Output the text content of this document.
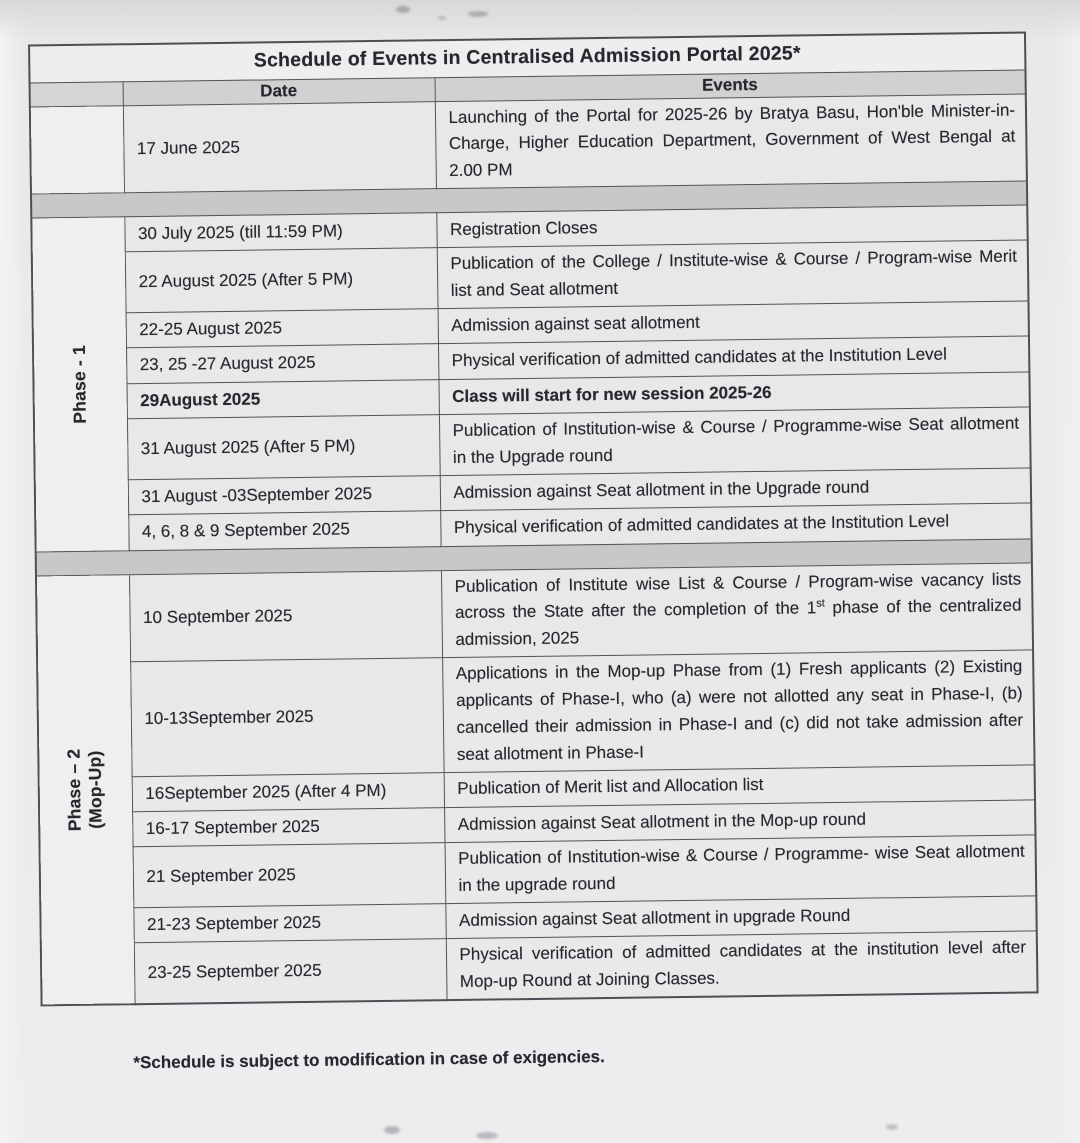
Schedule of Events in Centralised Admission Portal 2025*		
	Date	Events
	17 June 2025	Launching of the Portal for 2025-26 by Bratya Basu, Hon'ble Minister-in-Charge, Higher Education Department, Government of West Bengal at 2.00 PM

Phase - 1	30 July 2025 (till 11:59 PM)	Registration Closes
	22 August 2025 (After 5 PM)	Publication of the College / Institute-wise & Course / Program-wise Merit list and Seat allotment
	22-25 August 2025	Admission against seat allotment
	23, 25 -27 August 2025	Physical verification of admitted candidates at the Institution Level
	29August 2025	Class will start for new session 2025-26
	31 August 2025 (After 5 PM)	Publication of Institution-wise & Course / Programme-wise Seat allotment in the Upgrade round
	31 August -03September 2025	Admission against Seat allotment in the Upgrade round
	4, 6, 8 & 9 September 2025	Physical verification of admitted candidates at the Institution Level

Phase – 2 (Mop-Up)	10 September 2025	Publication of Institute wise List & Course / Program-wise vacancy lists across the State after the completion of the 1st phase of the centralized admission, 2025
	10-13September 2025	Applications in the Mop-up Phase from (1) Fresh applicants (2) Existing applicants of Phase-I, who (a) were not allotted any seat in Phase-I, (b) cancelled their admission in Phase-I and (c) did not take admission after seat allotment in Phase-I
	16September 2025 (After 4 PM)	Publication of Merit list and Allocation list
	16-17 September 2025	Admission against Seat allotment in the Mop-up round
	21 September 2025	Publication of Institution-wise & Course / Programme- wise Seat allotment in the upgrade round
	21-23 September 2025	Admission against Seat allotment in upgrade Round
	23-25 September 2025	Physical verification of admitted candidates at the institution level after Mop-up Round at Joining Classes.

*Schedule is subject to modification in case of exigencies.
